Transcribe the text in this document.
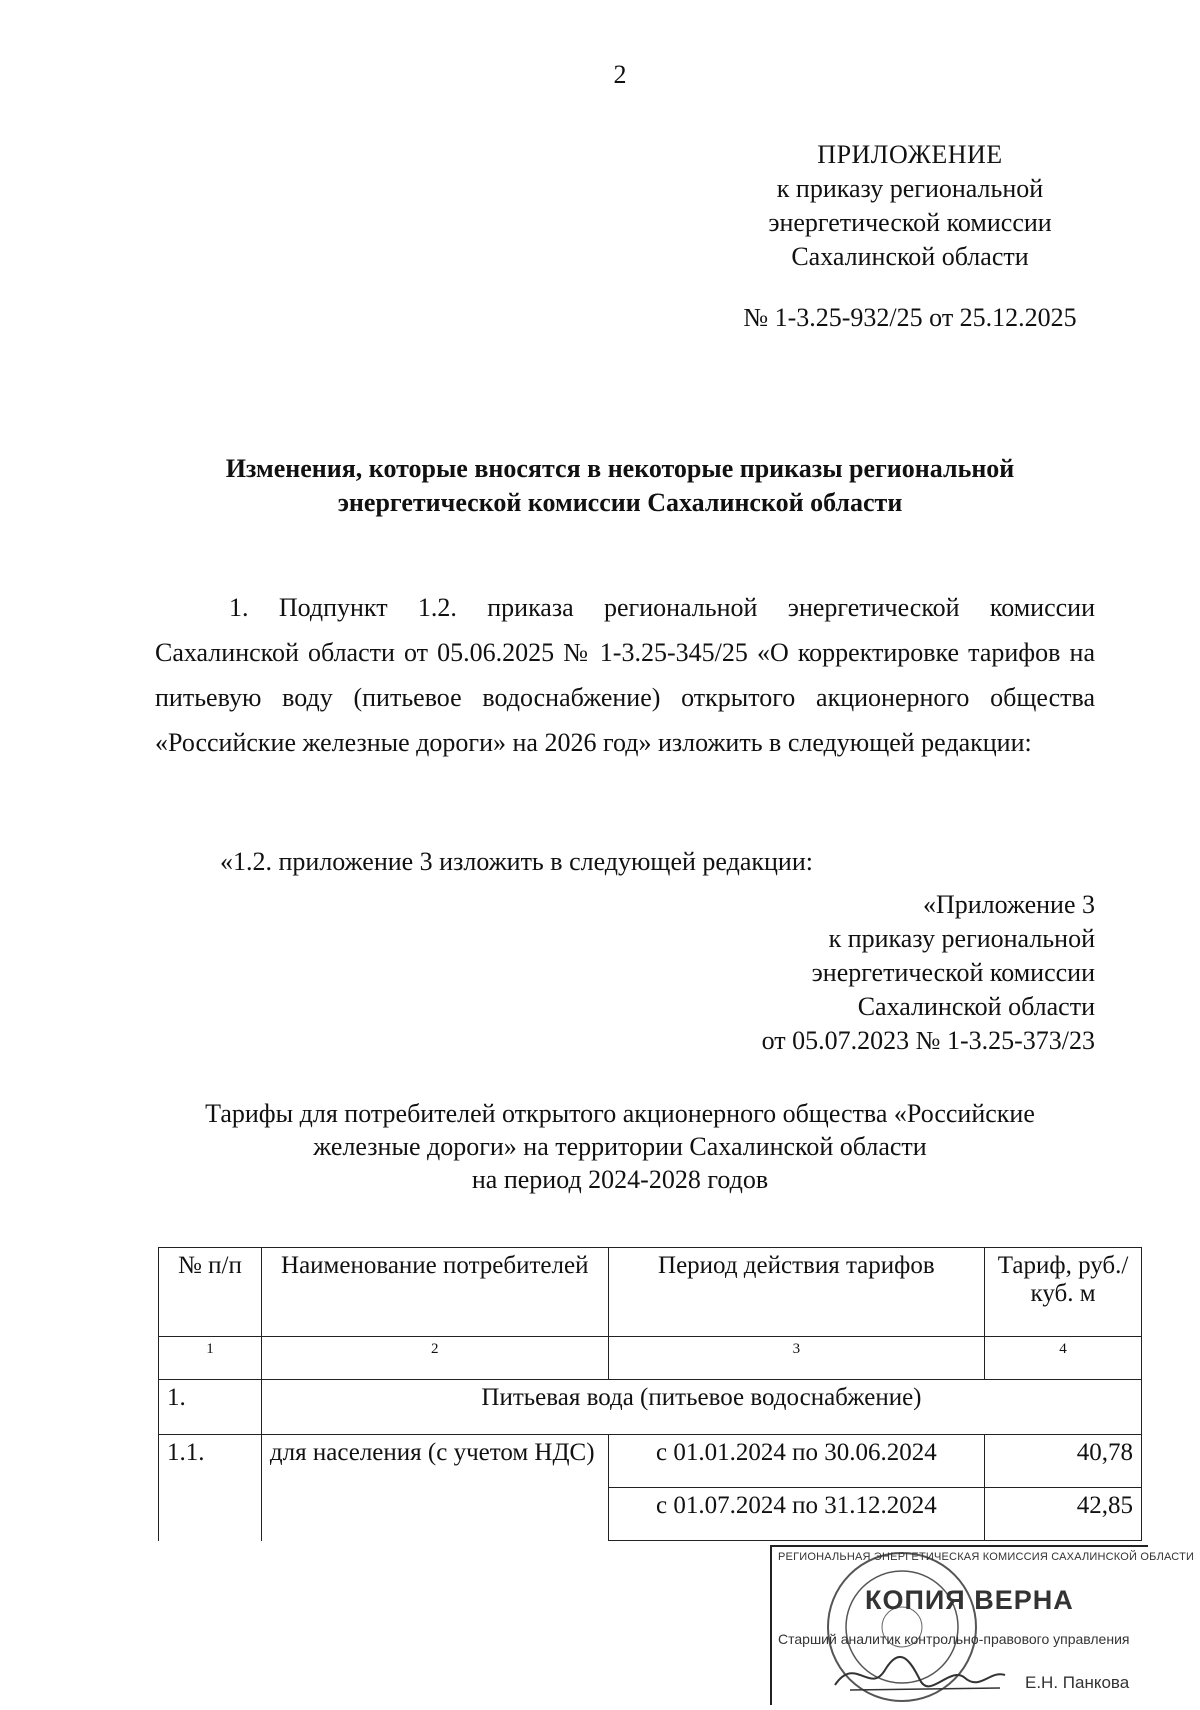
2
ПРИЛОЖЕНИЕ
к приказу региональной
энергетической комиссии
Сахалинской области
№ 1-3.25-932/25 от 25.12.2025
Изменения, которые вносятся в некоторые приказы региональной
энергетической комиссии Сахалинской области
1. Подпункт 1.2. приказа региональной энергетической комиссии Сахалинской области от 05.06.2025 № 1-3.25-345/25 «О корректировке тарифов на питьевую воду (питьевое водоснабжение) открытого акционерного общества «Российские железные дороги» на 2026 год» изложить в следующей редакции:
«1.2. приложение 3 изложить в следующей редакции:
«Приложение 3
к приказу региональной
энергетической комиссии
Сахалинской области
от 05.07.2023 № 1-3.25-373/23
Тарифы для потребителей открытого акционерного общества «Российские
железные дороги» на территории Сахалинской области
на период 2024-2028 годов
№ п/п	Наименование потребителей	Период действия тарифов	Тариф, руб./куб. м
1	2	3	4
1.	Питьевая вода (питьевое водоснабжение)		
1.1.	для населения (с учетом НДС)	с 01.01.2024 по 30.06.2024	40,78
		с 01.07.2024 по 31.12.2024	42,85
РЕГИОНАЛЬНАЯ ЭНЕРГЕТИЧЕСКАЯ КОМИССИЯ САХАЛИНСКОЙ ОБЛАСТИ
КОПИЯ ВЕРНА
Старший аналитик контрольно-правового управления
Е.Н. Панкова
